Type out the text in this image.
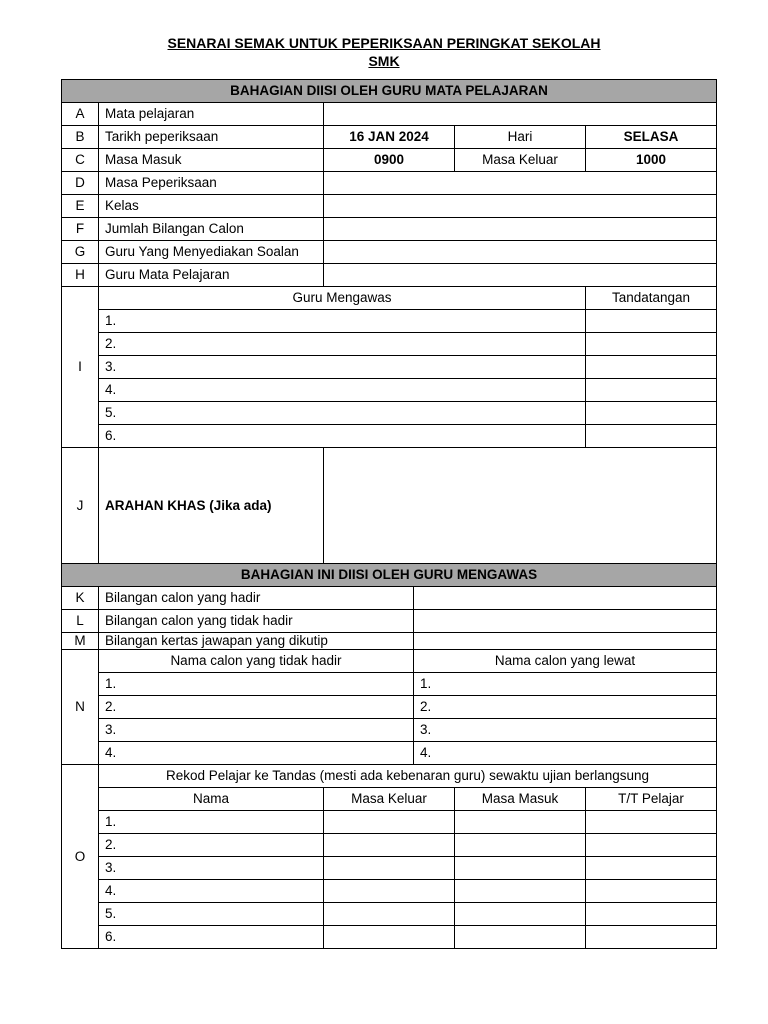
SENARAI SEMAK UNTUK PEPERIKSAAN PERINGKAT SEKOLAH
SMK
BAHAGIAN DIISI OLEH GURU MATA PELAJARAN					
A	Mata pelajaran				
B	Tarikh peperiksaan	16 JAN 2024		Hari	SELASA
C	Masa Masuk	0900		Masa Keluar	1000
D	Masa Peperiksaan				
E	Kelas				
F	Jumlah Bilangan Calon				
G	Guru Yang Menyediakan Soalan				
H	Guru Mata Pelajaran				
I	Guru Mengawas				Tandatangan
	1.				
	2.				
	3.				
	4.				
	5.				
	6.				
J	ARAHAN KHAS (Jika ada)				
BAHAGIAN INI DIISI OLEH GURU MENGAWAS					
K	Bilangan calon yang hadir				
L	Bilangan calon yang tidak hadir				
M	Bilangan kertas jawapan yang dikutip				
N	Nama calon yang tidak hadir		Nama calon yang lewat		
	1.		1.		
	2.		2.		
	3.		3.		
	4.		4.		
O	Rekod Pelajar ke Tandas (mesti ada kebenaran guru) sewaktu ujian berlangsung				
	Nama	Masa Keluar		Masa Masuk	T/T Pelajar
	1.				
	2.				
	3.				
	4.				
	5.				
	6.				
